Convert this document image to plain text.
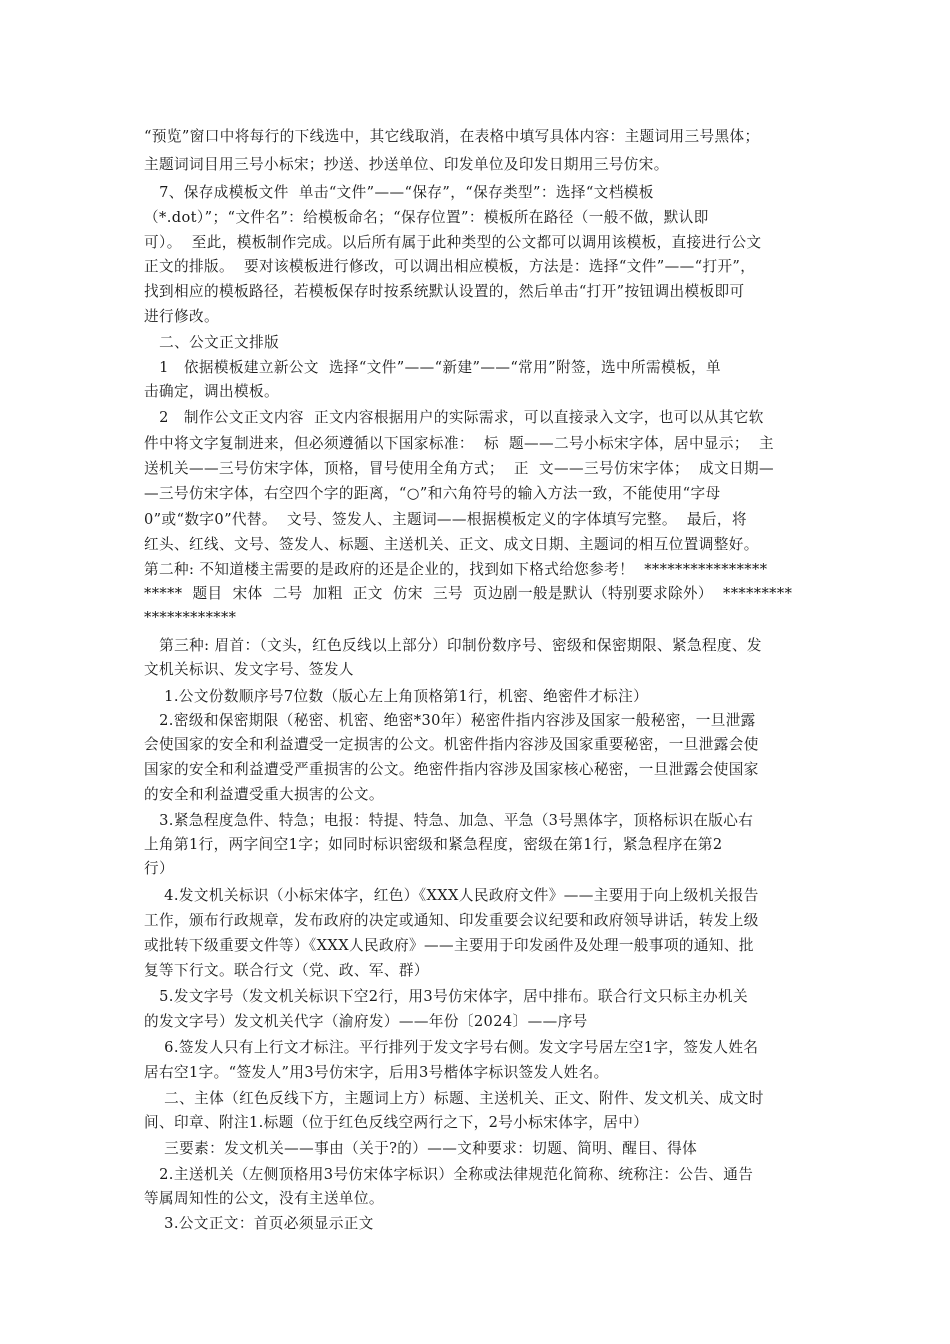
“预览”窗口中将每行的下线选中，其它线取消，在表格中填写具体内容：主题词用三号黑体；
主题词词目用三号小标宋；抄送、抄送单位、印发单位及印发日期用三号仿宋。
7、保存成模板文件  单击“文件”——“保存”，“保存类型”：选择“文档模板
（*.dot）”；“文件名”：给模板命名；“保存位置”：模板所在路径（一般不做，默认即
可）。  至此，模板制作完成。以后所有属于此种类型的公文都可以调用该模板，直接进行公文
正文的排版。  要对该模板进行修改，可以调出相应模板，方法是：选择“文件”——“打开”，
找到相应的模板路径，若模板保存时按系统默认设置的，然后单击“打开”按钮调出模板即可
进行修改。
二、公文正文排版
1   依据模板建立新公文  选择“文件”——“新建”——“常用”附签，选中所需模板，单
击确定，调出模板。
2   制作公文正文内容  正文内容根据用户的实际需求，可以直接录入文字，也可以从其它软
件中将文字复制进来，但必须遵循以下国家标准：  标  题——二号小标宋字体，居中显示；  主
送机关——三号仿宋字体，顶格，冒号使用全角方式；  正  文——三号仿宋字体；  成文日期—
—三号仿宋字体，右空四个字的距离，“○”和六角符号的输入方法一致，不能使用“字母
0”或“数字0”代替。  文号、签发人、主题词——根据模板定义的字体填写完整。  最后，将
红头、红线、文号、签发人、标题、主送机关、正文、成文日期、主题词的相互位置调整好。
第二种: 不知道楼主需要的是政府的还是企业的，找到如下格式给您参考！  ****************
*****  题目  宋体  二号  加粗  正文  仿宋  三号  页边剧一般是默认（特别要求除外）  *********
************
第三种: 眉首：（文头，红色反线以上部分）印制份数序号、密级和保密期限、紧急程度、发
文机关标识、发文字号、签发人
1.公文份数顺序号7位数（版心左上角顶格第1行，机密、绝密件才标注）
2.密级和保密期限（秘密、机密、绝密*30年）秘密件指内容涉及国家一般秘密，一旦泄露
会使国家的安全和利益遭受一定损害的公文。机密件指内容涉及国家重要秘密，一旦泄露会使
国家的安全和利益遭受严重损害的公文。绝密件指内容涉及国家核心秘密，一旦泄露会使国家
的安全和利益遭受重大损害的公文。
3.紧急程度急件、特急；电报：特提、特急、加急、平急（3号黑体字，顶格标识在版心右
上角第1行，两字间空1字；如同时标识密级和紧急程度，密级在第1行，紧急程序在第2
行）
4.发文机关标识（小标宋体字，红色）《XXX人民政府文件》——主要用于向上级机关报告
工作，颁布行政规章，发布政府的决定或通知、印发重要会议纪要和政府领导讲话，转发上级
或批转下级重要文件等）《XXX人民政府》——主要用于印发函件及处理一般事项的通知、批
复等下行文。联合行文（党、政、军、群）
5.发文字号（发文机关标识下空2行，用3号仿宋体字，居中排布。联合行文只标主办机关
的发文字号）发文机关代字（渝府发）——年份〔2024〕——序号
6.签发人只有上行文才标注。平行排列于发文字号右侧。发文字号居左空1字，签发人姓名
居右空1字。“签发人”用3号仿宋字，后用3号楷体字标识签发人姓名。
二、主体（红色反线下方，主题词上方）标题、主送机关、正文、附件、发文机关、成文时
间、印章、附注1.标题（位于红色反线空两行之下，2号小标宋体字，居中）
三要素：发文机关——事由（关于?的）——文种要求：切题、简明、醒目、得体
2.主送机关（左侧顶格用3号仿宋体字标识）全称或法律规范化简称、统称注：公告、通告
等属周知性的公文，没有主送单位。
3.公文正文：首页必须显示正文
